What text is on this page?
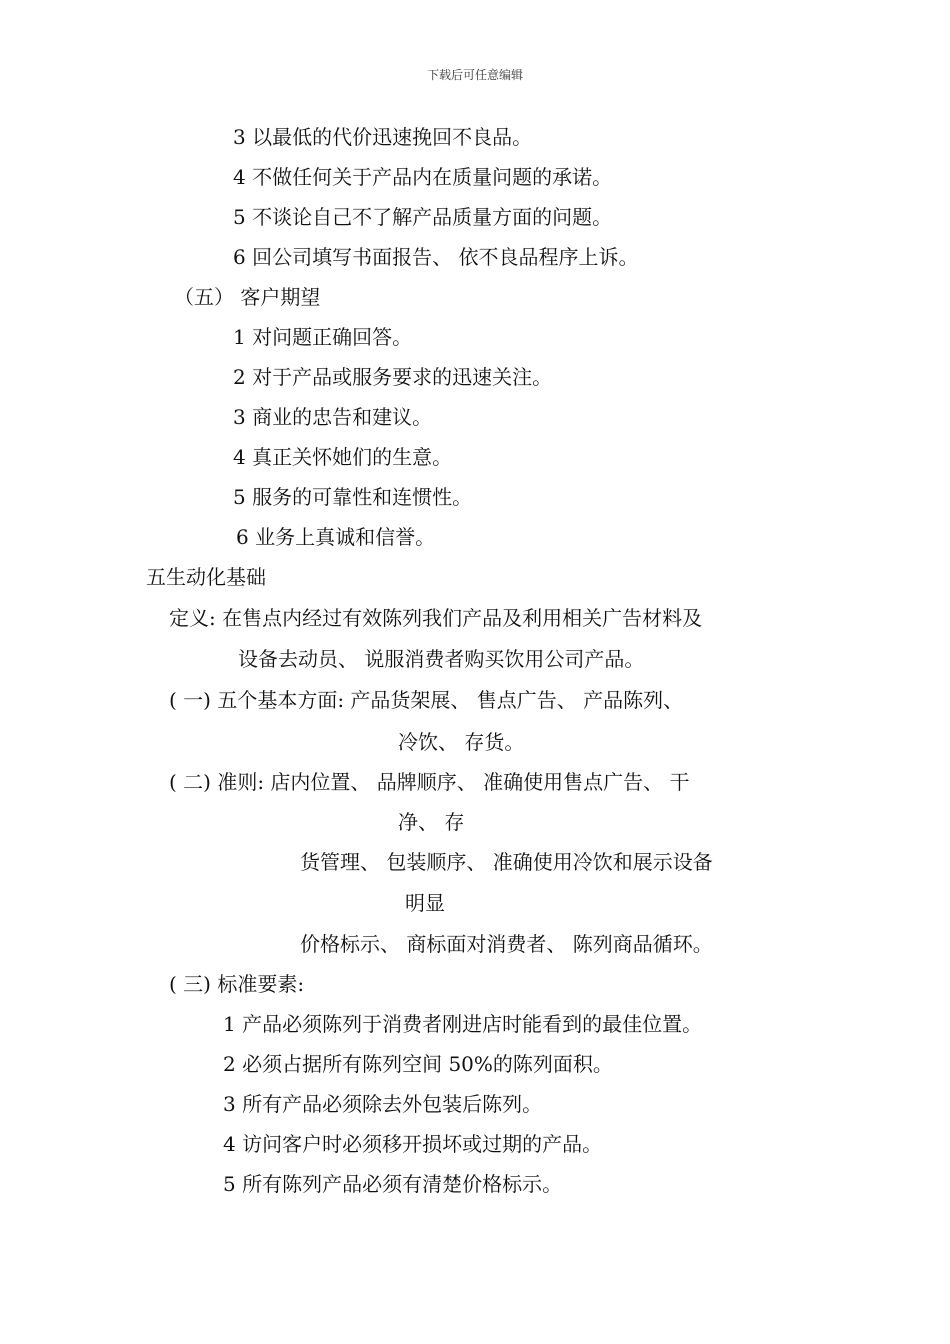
下载后可任意编辑
3 以最低的代价迅速挽回不良品。
4 不做任何关于产品内在质量问题的承诺。
5 不谈论自己不了解产品质量方面的问题。
6 回公司填写书面报告、 依不良品程序上诉。
（五） 客户期望
1 对问题正确回答。
2 对于产品或服务要求的迅速关注。
3 商业的忠告和建议。
4 真正关怀她们的生意。
5 服务的可靠性和连惯性。
6 业务上真诚和信誉。
五生动化基础
定义: 在售点内经过有效陈列我们产品及利用相关广告材料及
设备去动员、 说服消费者购买饮用公司产品。
( 一) 五个基本方面: 产品货架展、 售点广告、 产品陈列、
冷饮、 存货。
( 二) 准则: 店内位置、 品牌顺序、 准确使用售点广告、 干
净、 存
货管理、 包装顺序、 准确使用冷饮和展示设备
明显
价格标示、 商标面对消费者、 陈列商品循环。
( 三) 标准要素:
1 产品必须陈列于消费者刚进店时能看到的最佳位置。
2 必须占据所有陈列空间 50%的陈列面积。
3 所有产品必须除去外包装后陈列。
4 访问客户时必须移开损坏或过期的产品。
5 所有陈列产品必须有清楚价格标示。
